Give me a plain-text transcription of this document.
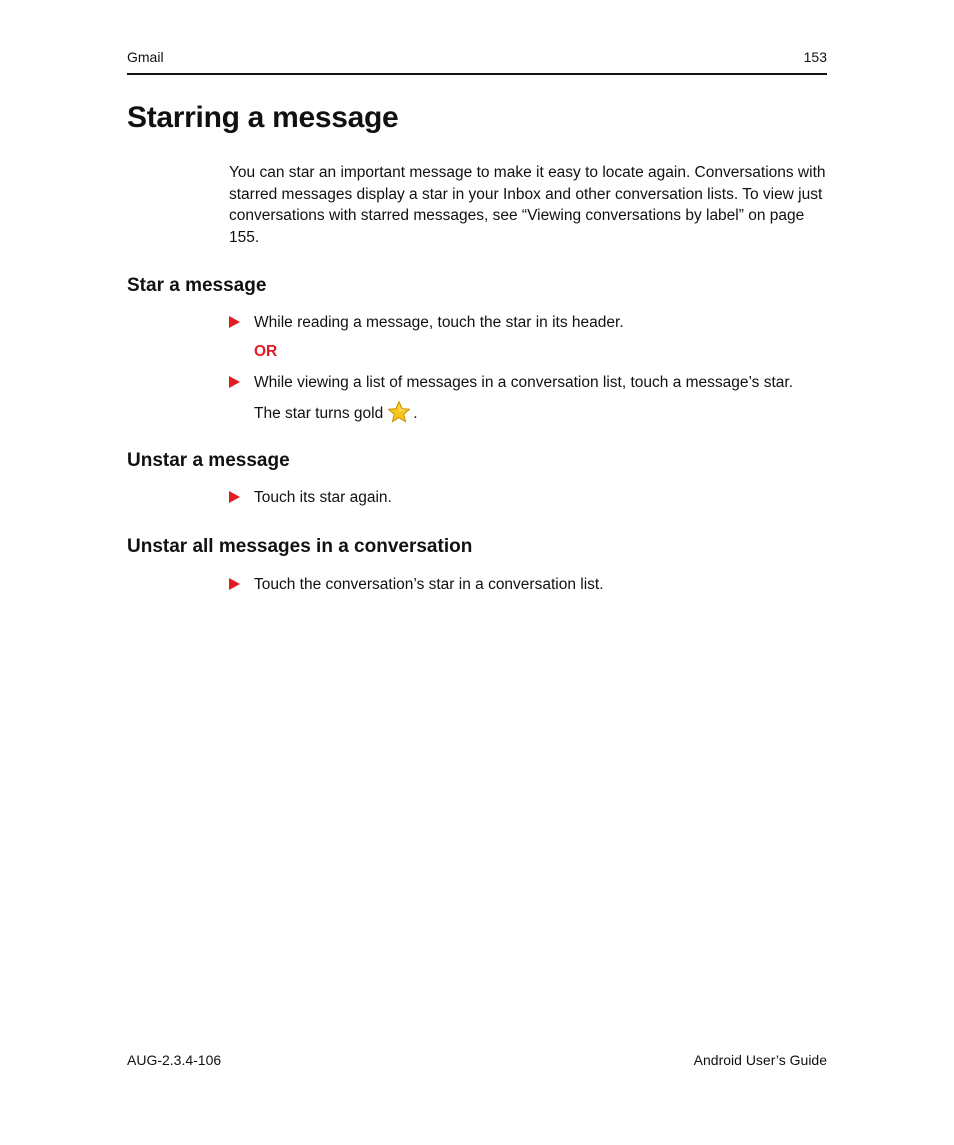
Gmail	153
Starring a message

You can star an important message to make it easy to locate again. Conversations with starred messages display a star in your Inbox and other conversation lists. To view just conversations with starred messages, see “Viewing conversations by label” on page 155.

Star a message
While reading a message, touch the star in its header.
OR
While viewing a list of messages in a conversation list, touch a message’s star.
The star turns gold .
Unstar a message
Touch its star again.
Unstar all messages in a conversation
Touch the conversation’s star in a conversation list.
AUG-2.3.4-106	Android User’s Guide
